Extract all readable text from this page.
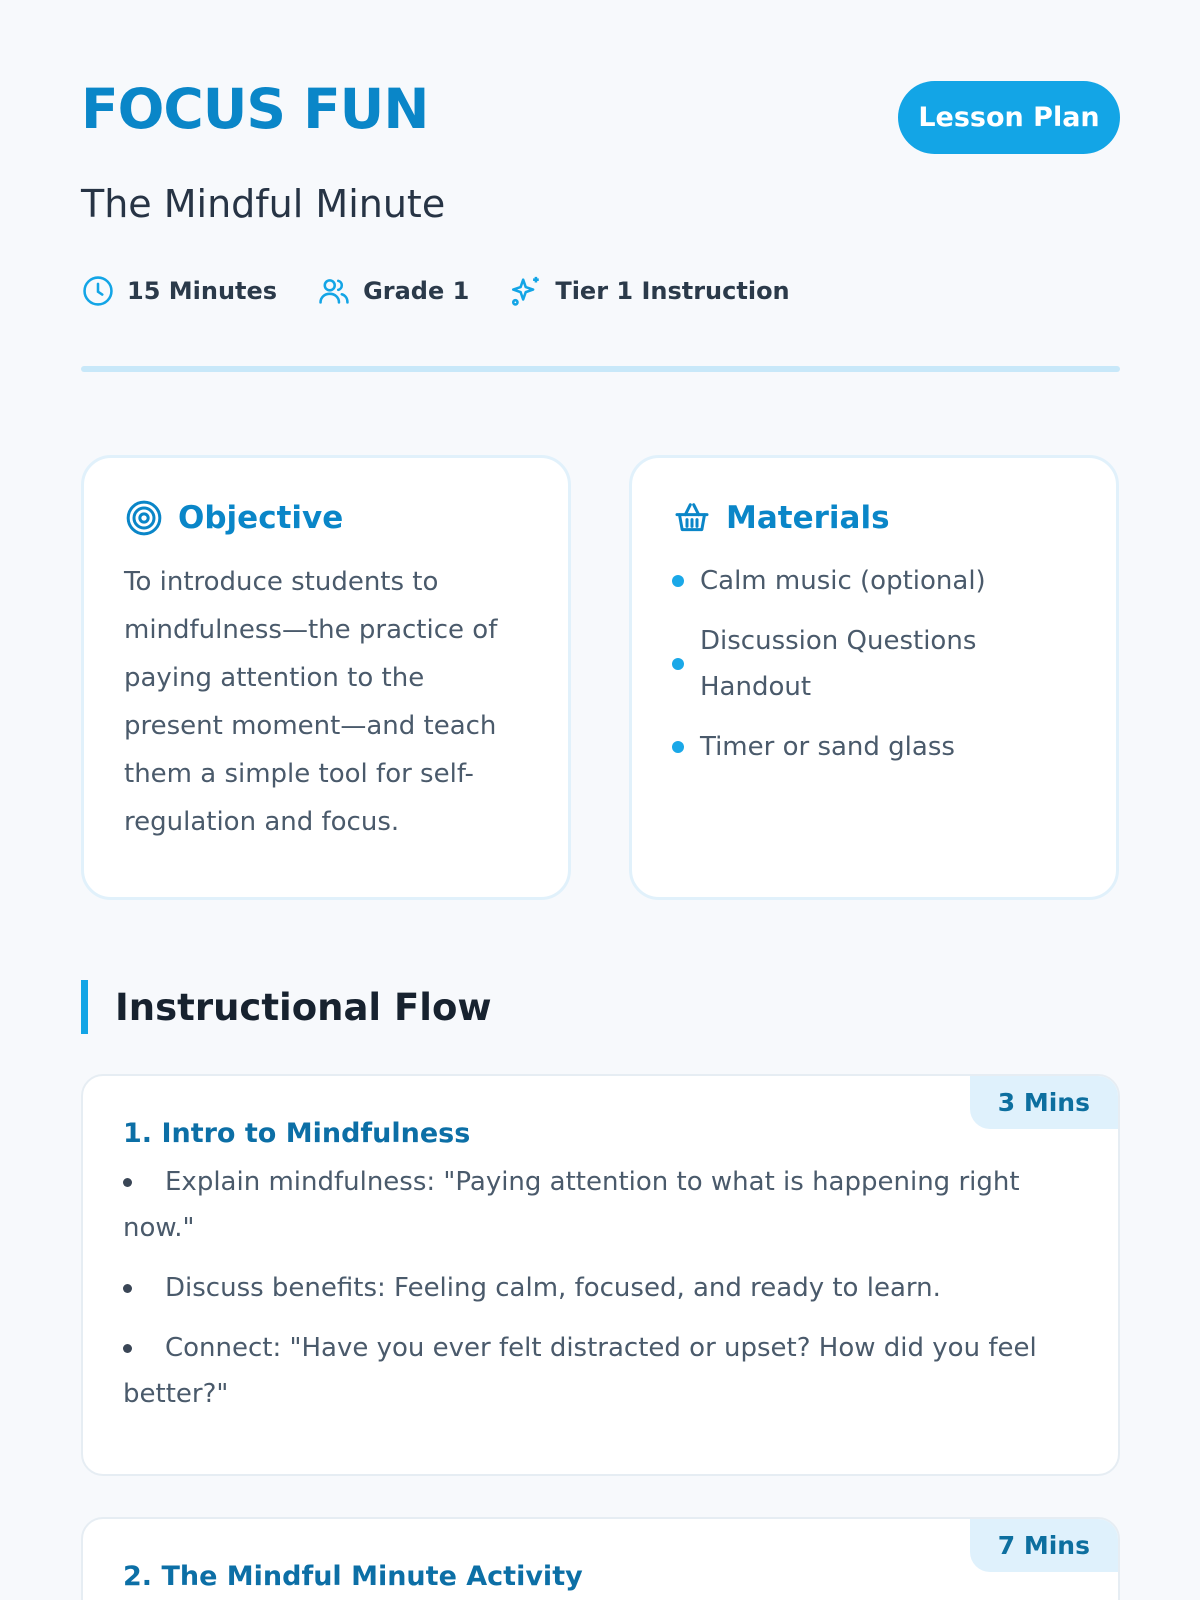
FOCUS FUN	Lesson Plan
The Mindful Minute
15 Minutes	Grade 1	Tier 1 Instruction
Objective

To introduce students to mindfulness—the practice of paying attention to the present moment—and teach them a simple tool for self-regulation and focus.

Materials
Calm music (optional)
Discussion Questions Handout
Timer or sand glass
Instructional Flow
3 Mins
1. Intro to Mindfulness
Explain mindfulness: "Paying attention to what is happening right now."
Discuss benefits: Feeling calm, focused, and ready to learn.
Connect: "Have you ever felt distracted or upset? How did you feel better?"
7 Mins
2. The Mindful Minute Activity
